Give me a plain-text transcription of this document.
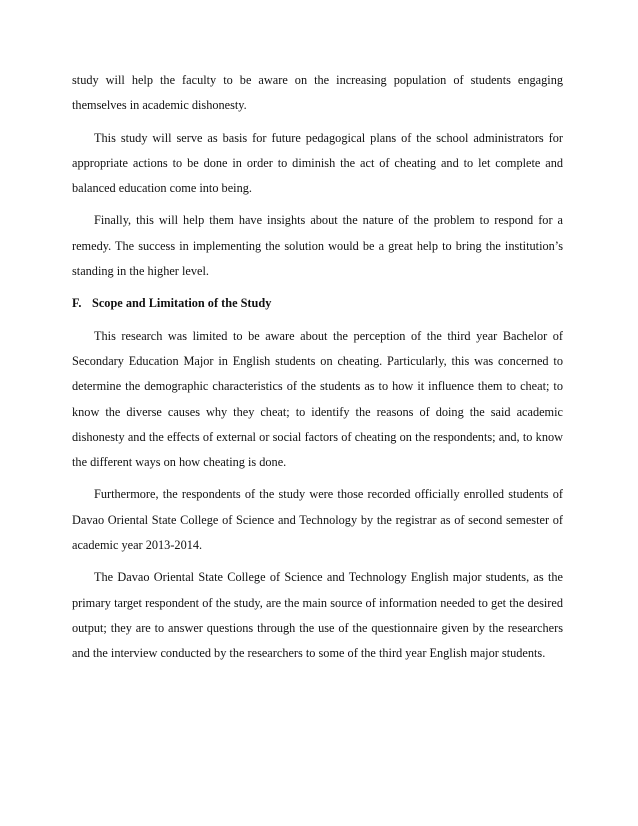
study will help the faculty to be aware on the increasing population of students engaging themselves in academic dishonesty.

This study will serve as basis for future pedagogical plans of the school administrators for appropriate actions to be done in order to diminish the act of cheating and to let complete and balanced education come into being.

Finally, this will help them have insights about the nature of the problem to respond for a remedy. The success in implementing the solution would be a great help to bring the institution’s standing in the higher level.

F. Scope and Limitation of the Study

This research was limited to be aware about the perception of the third year Bachelor of Secondary Education Major in English students on cheating. Particularly, this was concerned to determine the demographic characteristics of the students as to how it influence them to cheat; to know the diverse causes why they cheat; to identify the reasons of doing the said academic dishonesty and the effects of external or social factors of cheating on the respondents; and, to know the different ways on how cheating is done.

Furthermore, the respondents of the study were those recorded officially enrolled students of Davao Oriental State College of Science and Technology by the registrar as of second semester of academic year 2013-2014.

The Davao Oriental State College of Science and Technology English major students, as the primary target respondent of the study, are the main source of information needed to get the desired output; they are to answer questions through the use of the questionnaire given by the researchers and the interview conducted by the researchers to some of the third year English major students.
